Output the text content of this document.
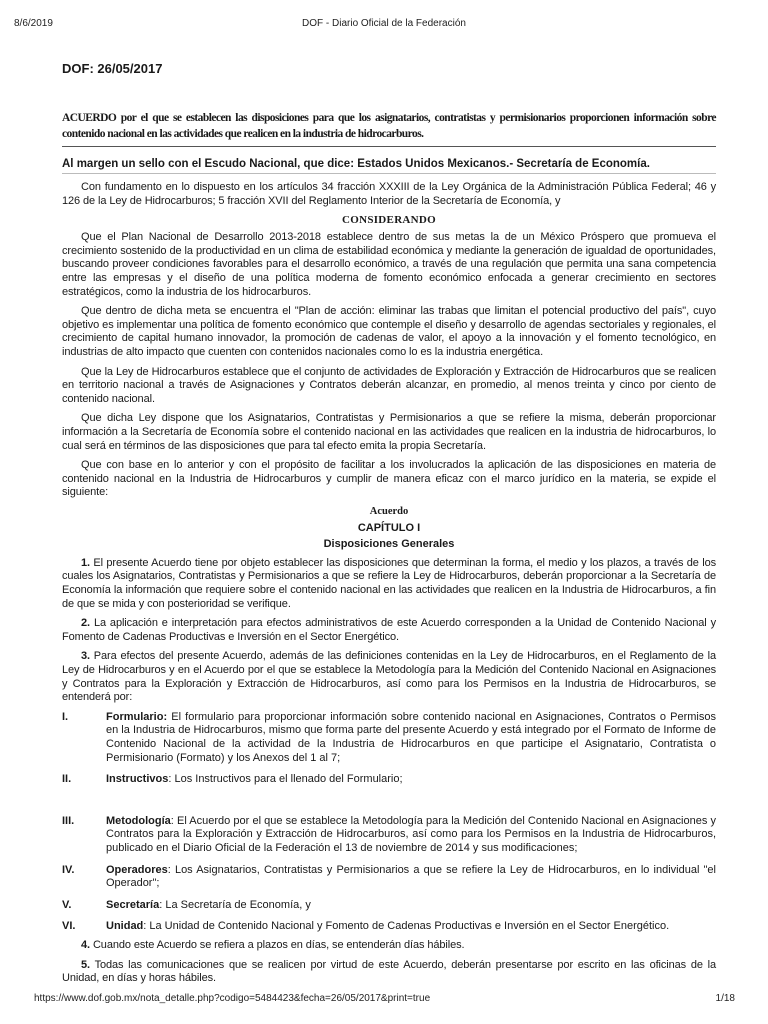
8/6/2019	DOF - Diario Oficial de la Federación
DOF: 26/05/2017

ACUERDO por el que se establecen las disposiciones para que los asignatarios, contratistas y permisionarios proporcionen información sobre contenido nacional en las actividades que realicen en la industria de hidrocarburos.

Al margen un sello con el Escudo Nacional, que dice: Estados Unidos Mexicanos.- Secretaría de Economía.

Con fundamento en lo dispuesto en los artículos 34 fracción XXXIII de la Ley Orgánica de la Administración Pública Federal; 46 y 126 de la Ley de Hidrocarburos; 5 fracción XVII del Reglamento Interior de la Secretaría de Economía, y

CONSIDERANDO

Que el Plan Nacional de Desarrollo 2013-2018 establece dentro de sus metas la de un México Próspero que promueva el crecimiento sostenido de la productividad en un clima de estabilidad económica y mediante la generación de igualdad de oportunidades, buscando proveer condiciones favorables para el desarrollo económico, a través de una regulación que permita una sana competencia entre las empresas y el diseño de una política moderna de fomento económico enfocada a generar crecimiento en sectores estratégicos, como la industria de los hidrocarburos.

Que dentro de dicha meta se encuentra el "Plan de acción: eliminar las trabas que limitan el potencial productivo del país", cuyo objetivo es implementar una política de fomento económico que contemple el diseño y desarrollo de agendas sectoriales y regionales, el crecimiento de capital humano innovador, la promoción de cadenas de valor, el apoyo a la innovación y el fomento tecnológico, en industrias de alto impacto que cuenten con contenidos nacionales como lo es la industria energética.

Que la Ley de Hidrocarburos establece que el conjunto de actividades de Exploración y Extracción de Hidrocarburos que se realicen en territorio nacional a través de Asignaciones y Contratos deberán alcanzar, en promedio, al menos treinta y cinco por ciento de contenido nacional.

Que dicha Ley dispone que los Asignatarios, Contratistas y Permisionarios a que se refiere la misma, deberán proporcionar información a la Secretaría de Economía sobre el contenido nacional en las actividades que realicen en la industria de hidrocarburos, lo cual será en términos de las disposiciones que para tal efecto emita la propia Secretaría.

Que con base en lo anterior y con el propósito de facilitar a los involucrados la aplicación de las disposiciones en materia de contenido nacional en la Industria de Hidrocarburos y cumplir de manera eficaz con el marco jurídico en la materia, se expide el siguiente:

Acuerdo
CAPÍTULO I
Disposiciones Generales

1. El presente Acuerdo tiene por objeto establecer las disposiciones que determinan la forma, el medio y los plazos, a través de los cuales los Asignatarios, Contratistas y Permisionarios a que se refiere la Ley de Hidrocarburos, deberán proporcionar a la Secretaría de Economía la información que requiere sobre el contenido nacional en las actividades que realicen en la Industria de Hidrocarburos, a fin de que se mida y con posterioridad se verifique.

2. La aplicación e interpretación para efectos administrativos de este Acuerdo corresponden a la Unidad de Contenido Nacional y Fomento de Cadenas Productivas e Inversión en el Sector Energético.

3. Para efectos del presente Acuerdo, además de las definiciones contenidas en la Ley de Hidrocarburos, en el Reglamento de la Ley de Hidrocarburos y en el Acuerdo por el que se establece la Metodología para la Medición del Contenido Nacional en Asignaciones y Contratos para la Exploración y Extracción de Hidrocarburos, así como para los Permisos en la Industria de Hidrocarburos, se entenderá por:

I.	Formulario: El formulario para proporcionar información sobre contenido nacional en Asignaciones, Contratos o Permisos en la Industria de Hidrocarburos, mismo que forma parte del presente Acuerdo y está integrado por el Formato de Informe de Contenido Nacional de la actividad de la Industria de Hidrocarburos en que participe el Asignatario, Contratista o Permisionario (Formato) y los Anexos del 1 al 7;
II.	Instructivos: Los Instructivos para el llenado del Formulario;
III.	Metodología: El Acuerdo por el que se establece la Metodología para la Medición del Contenido Nacional en Asignaciones y Contratos para la Exploración y Extracción de Hidrocarburos, así como para los Permisos en la Industria de Hidrocarburos, publicado en el Diario Oficial de la Federación el 13 de noviembre de 2014 y sus modificaciones;
IV.	Operadores: Los Asignatarios, Contratistas y Permisionarios a que se refiere la Ley de Hidrocarburos, en lo individual "el Operador";
V.	Secretaría: La Secretaría de Economía, y
VI.	Unidad: La Unidad de Contenido Nacional y Fomento de Cadenas Productivas e Inversión en el Sector Energético.

4. Cuando este Acuerdo se refiera a plazos en días, se entenderán días hábiles.

5. Todas las comunicaciones que se realicen por virtud de este Acuerdo, deberán presentarse por escrito en las oficinas de la Unidad, en días y horas hábiles.

https://www.dof.gob.mx/nota_detalle.php?codigo=5484423&fecha=26/05/2017&print=true	1/18
